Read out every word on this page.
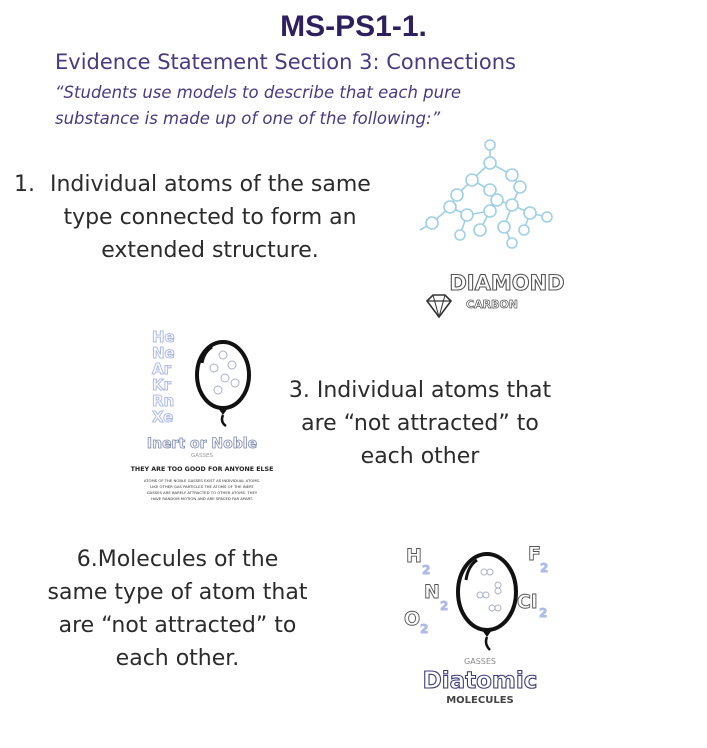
MS-PS1-1.
Evidence Statement Section 3: Connections
“Students use models to describe that each pure
substance is made up of one of the following:”
1. Individual atoms of the same
type connected to form an
extended structure.
DIAMOND
CARBON
He
Ne
Ar
Kr
Rn
Xe
Inert or Noble
GASSES
THEY ARE TOO GOOD FOR ANYONE ELSE
ATOMS OF THE NOBLE GASSES EXIST AS INDIVIDUAL ATOMS.
LIKE OTHER GAS PARTICLES THE ATOMS OF THE INERT
GASSES ARE BARELY ATTRACTED TO OTHER ATOMS. THEY
HAVE RANDOM MOTION AND ARE SPACED FAR APART.
3. Individual atoms that
are “not attracted” to
each other
6.Molecules of the
same type of atom that
are “not attracted” to
each other.
H
2
N
2
O 2
F
2
Cl 2
GASSES
Diatomic
MOLECULES
